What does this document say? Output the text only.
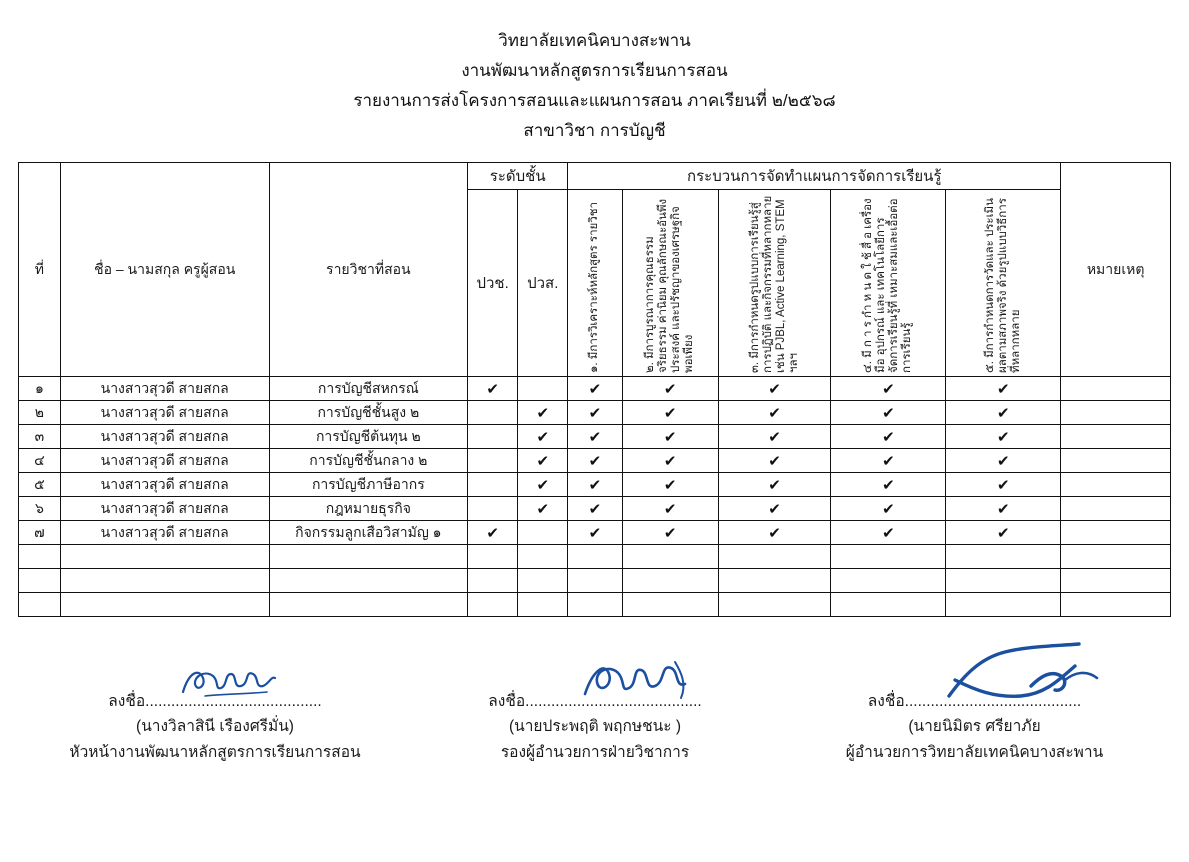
วิทยาลัยเทคนิคบางสะพาน
งานพัฒนาหลักสูตรการเรียนการสอน
รายงานการส่งโครงการสอนและแผนการสอน ภาคเรียนที่ ๒/๒๕๖๘
สาขาวิชา การบัญชี
ที่	ชื่อ – นามสกุล ครูผู้สอน	รายวิชาที่สอน	ระดับชั้น		กระบวนการจัดทำแผนการจัดการเรียนรู้					หมายเหตุ
			ปวช.	ปวส.	๑. มีการวิเคราะห์หลักสูตร รายวิชา	๒. มีการบูรณาการคุณธรรม จริยธรรม ค่านิยม คุณลักษณะอันพึงประสงค์ และปรัชญาของเศรษฐกิจพอเพียง	๓. มีการกำหนดรูปแบบการเรียนรู้สู่การปฏิบัติ และกิจกรรมที่หลากหลาย เช่น PJBL, Active Learning, STEM ฯลฯ	๔. มี ก า ร กำ ห น ด ใ ช้ สื่ อ เครื่องมือ อุปกรณ์ และ เทคโนโลยีการจัดการเรียนรู้ที่ เหมาะสมและเอื้อต่อการเรียนรู้	๕. มีการกำหนดการวัดและ ประเมินผลตามสภาพจริง ด้วยรูปแบบวิธีการที่หลากหลาย	

๑	นางสาวสุวดี สายสกล	การบัญชีสหกรณ์	✔		✔	✔	✔	✔	✔	
๒	นางสาวสุวดี สายสกล	การบัญชีชั้นสูง ๒		✔	✔	✔	✔	✔	✔	
๓	นางสาวสุวดี สายสกล	การบัญชีต้นทุน ๒		✔	✔	✔	✔	✔	✔	
๔	นางสาวสุวดี สายสกล	การบัญชีชั้นกลาง ๒		✔	✔	✔	✔	✔	✔	
๕	นางสาวสุวดี สายสกล	การบัญชีภาษีอากร		✔	✔	✔	✔	✔	✔	
๖	นางสาวสุวดี สายสกล	กฎหมายธุรกิจ		✔	✔	✔	✔	✔	✔	
๗	นางสาวสุวดี สายสกล	กิจกรรมลูกเสือวิสามัญ ๑	✔		✔	✔	✔	✔	✔	

ลงชื่อ.........................................
(นางวิลาสินี เรืองศรีมั่น)
หัวหน้างานพัฒนาหลักสูตรการเรียนการสอน
ลงชื่อ.........................................
(นายประพฤติ พฤกษชนะ )
รองผู้อำนวยการฝ่ายวิชาการ
ลงชื่อ.........................................
(นายนิมิตร ศรียาภัย
ผู้อำนวยการวิทยาลัยเทคนิคบางสะพาน
